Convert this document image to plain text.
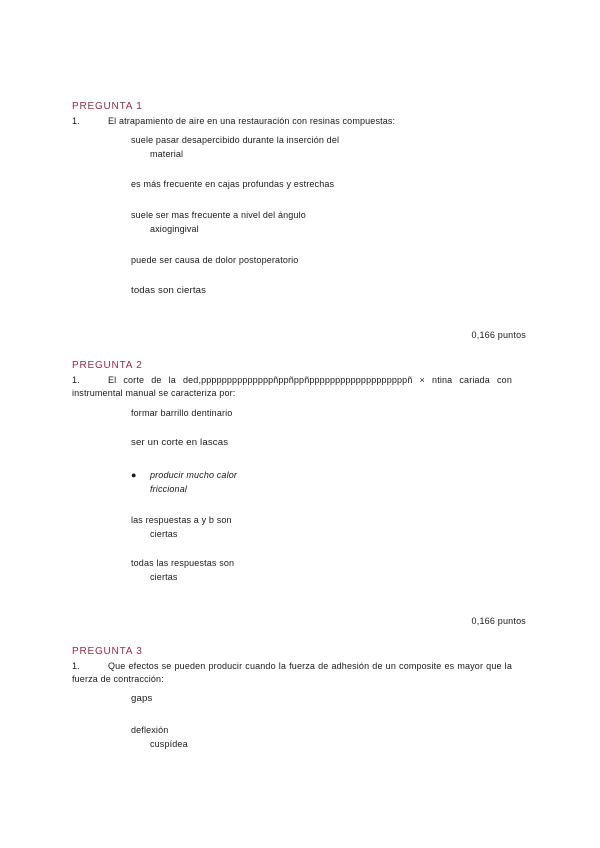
PREGUNTA 1
1.	El atrapamiento de aire en una restauración con resinas compuestas:
suele pasar desapercibido durante la inserción del
material
es más frecuente en cajas profundas y estrechas
suele ser mas frecuente a nivel del ángulo
axiogingival
puede ser causa de dolor postoperatorio
todas son ciertas
0,166 puntos
PREGUNTA 2
1.	El corte de la ded,ppppppppppppppñppñppñpppppppppppppppppppñ × ntina cariada con instrumental manual se caracteriza por:
formar barrillo dentinario
ser un corte en lascas
● producir mucho calor
friccional
las respuestas a y b son
ciertas
todas las respuestas son
ciertas
0,166 puntos
PREGUNTA 3
1.	Que efectos se pueden producir cuando la fuerza de adhesión de un composite es mayor que la fuerza de contracción:
gaps
deflexión
cuspídea
